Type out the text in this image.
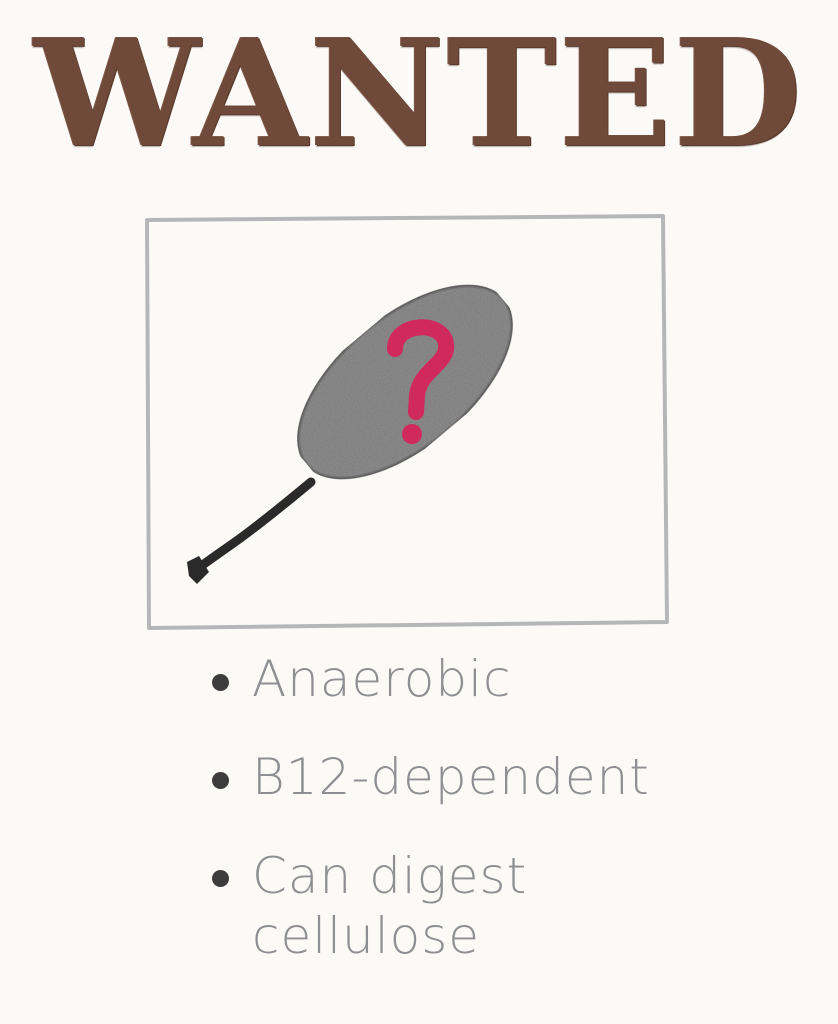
WANTED
Anaerobic
B12-dependent
Can digest cellulose
